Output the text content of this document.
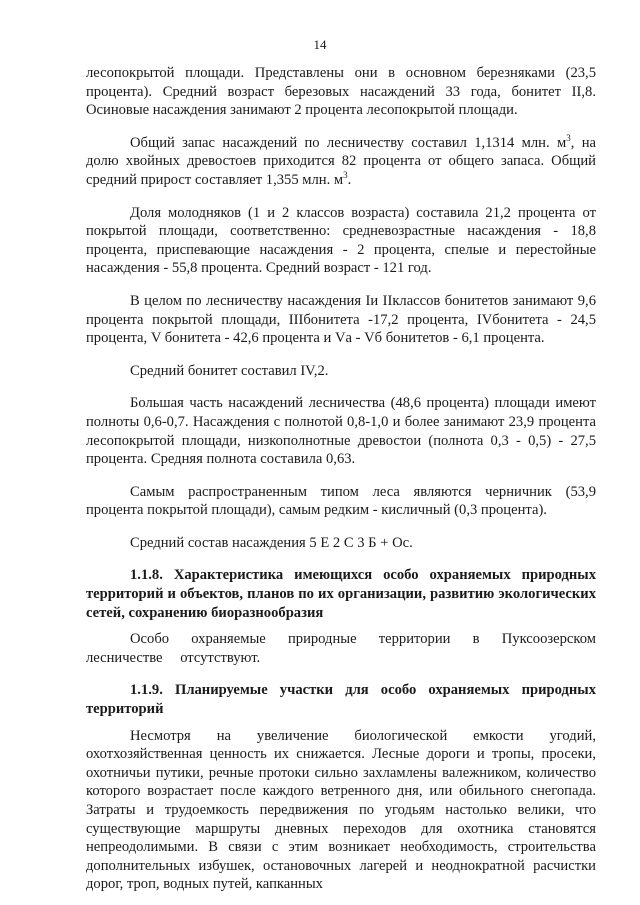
14

лесопокрытой площади. Представлены они в основном березняками (23,5 процента). Средний возраст березовых насаждений 33 года, бонитет II,8. Осиновые насаждения занимают 2 процента лесопокрытой площади.

Общий запас насаждений по лесничеству составил 1,1314 млн. $м^3$, на долю хвойных древостоев приходится 82 процента от общего запаса. Общий средний прирост составляет 1,355 млн. $м^3$.

Доля молодняков (1 и 2 классов возраста) составила 21,2 процента от покрытой площади, соответственно: средневозрастные насаждения - 18,8 процента, приспевающие насаждения - 2 процента, спелые и перестойные насаждения - 55,8 процента. Средний возраст - 121 год.

В целом по лесничеству насаждения Iи IIклассов бонитетов занимают 9,6 процента покрытой площади, IIIбонитета -17,2 процента, IVбонитета - 24,5 процента, V бонитета - 42,6 процента и Vа - Vб бонитетов - 6,1 процента.

Средний бонитет составил IV,2.

Большая часть насаждений лесничества (48,6 процента) площади имеют полноты 0,6-0,7. Насаждения с полнотой 0,8-1,0 и более занимают 23,9 процента лесопокрытой площади, низкополнотные древостои (полнота 0,3 - 0,5) - 27,5 процента. Средняя полнота составила 0,63.

Самым распространенным типом леса являются черничник (53,9 процента покрытой площади), самым редким - кисличный (0,3 процента).

Средний состав насаждения 5 Е 2 С 3 Б + Ос.

1.1.8. Характеристика имеющихся особо охраняемых природных территорий и объектов, планов по их организации, развитию экологических сетей, сохранению биоразнообразия

Особо охраняемые природные территории в Пуксоозерском лесничестве отсутствуют.

1.1.9. Планируемые участки для особо охраняемых природных территорий

Несмотря на увеличение биологической емкости угодий, охотхозяйственная ценность их снижается. Лесные дороги и тропы, просеки, охотничьи путики, речные протоки сильно захламлены валежником, количество которого возрастает после каждого ветренного дня, или обильного снегопада. Затраты и трудоемкость передвижения по угодьям настолько велики, что существующие маршруты дневных переходов для охотника становятся непреодолимыми. В связи с этим возникает необходимость, строительства дополнительных избушек, остановочных лагерей и неоднократной расчистки дорог, троп, водных путей, капканных
